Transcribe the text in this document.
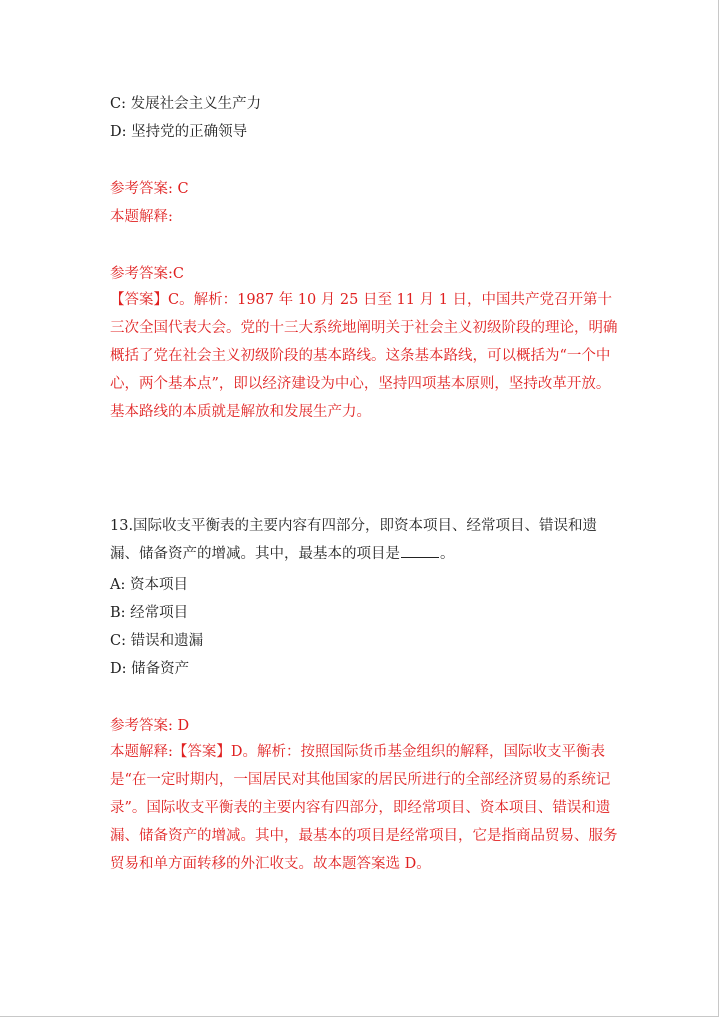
C: 发展社会主义生产力
D: 坚持党的正确领导
参考答案: C
本题解释:
参考答案:C
【答案】C。解析：1987 年 10 月 25 日至 11 月 1 日，中国共产党召开第十三次全国代表大会。党的十三大系统地阐明关于社会主义初级阶段的理论，明确概括了党在社会主义初级阶段的基本路线。这条基本路线，可以概括为“一个中心，两个基本点”，即以经济建设为中心，坚持四项基本原则，坚持改革开放。基本路线的本质就是解放和发展生产力。
13.国际收支平衡表的主要内容有四部分，即资本项目、经常项目、错误和遗漏、储备资产的增减。其中，最基本的项目是	。
A: 资本项目
B: 经常项目
C: 错误和遗漏
D: 储备资产
参考答案: D
本题解释:【答案】D。解析：按照国际货币基金组织的解释，国际收支平衡表是“在一定时期内，一国居民对其他国家的居民所进行的全部经济贸易的系统记录”。国际收支平衡表的主要内容有四部分，即经常项目、资本项目、错误和遗漏、储备资产的增减。其中，最基本的项目是经常项目，它是指商品贸易、服务贸易和单方面转移的外汇收支。故本题答案选 D。
